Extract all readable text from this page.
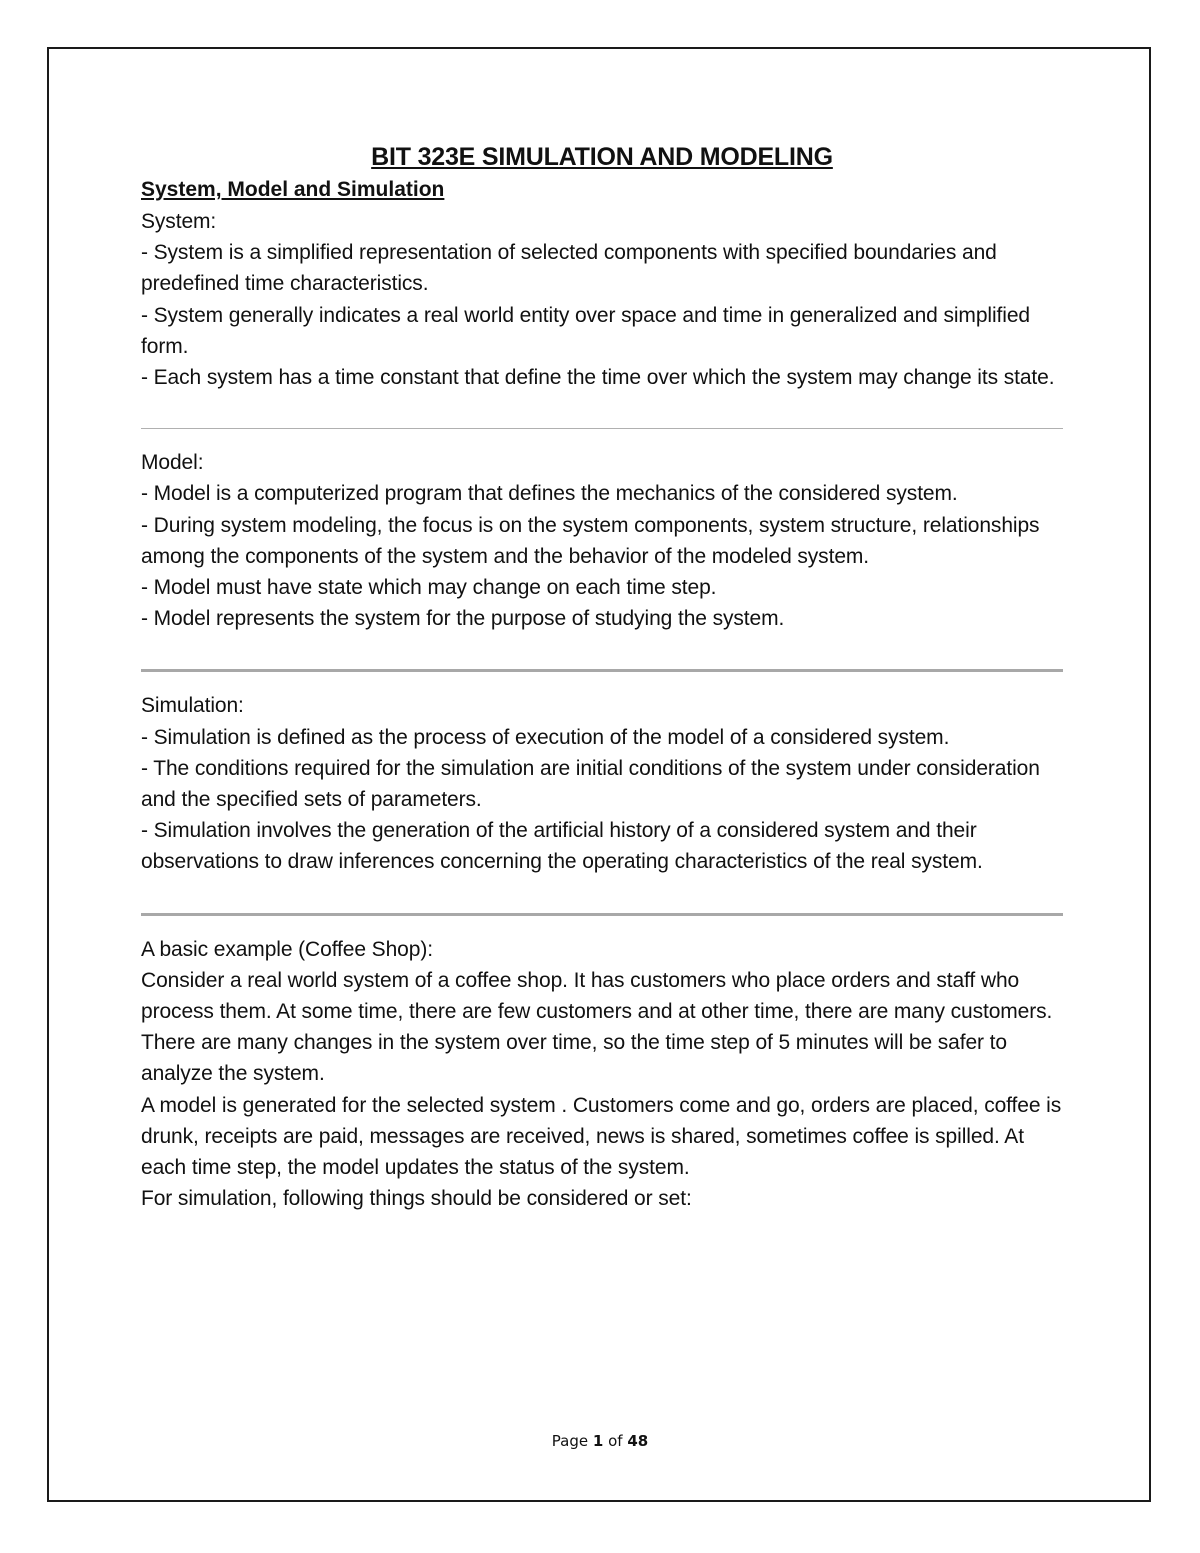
BIT 323E SIMULATION AND MODELING
System, Model and Simulation

System:

- System is a simplified representation of selected components with specified boundaries and predefined time characteristics.

- System generally indicates a real world entity over space and time in generalized and simplified form.

- Each system has a time constant that define the time over which the system may change its state.

Model:

- Model is a computerized program that defines the mechanics of the considered system.

- During system modeling, the focus is on the system components, system structure, relationships among the components of the system and the behavior of the modeled system.

- Model must have state which may change on each time step.

- Model represents the system for the purpose of studying the system.

Simulation:

- Simulation is defined as the process of execution of the model of a considered system.

- The conditions required for the simulation are initial conditions of the system under consideration and the specified sets of parameters.

- Simulation involves the generation of the artificial history of a considered system and their observations to draw inferences concerning the operating characteristics of the real system.

A basic example (Coffee Shop):

Consider a real world system of a coffee shop. It has customers who place orders and staff who process them. At some time, there are few customers and at other time, there are many customers. There are many changes in the system over time, so the time step of 5 minutes will be safer to analyze the system.

A model is generated for the selected system . Customers come and go, orders are placed, coffee is drunk, receipts are paid, messages are received, news is shared, sometimes coffee is spilled. At each time step, the model updates the status of the system.

For simulation, following things should be considered or set:

Page 1 of 48
